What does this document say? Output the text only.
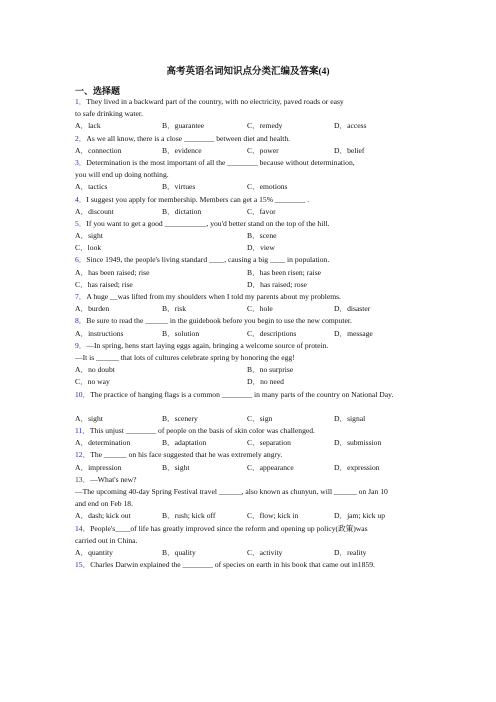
高考英语名词知识点分类汇编及答案(4)
一、选择题
1．They lived in a backward part of the country, with no electricity, paved roads or easy
to safe drinking water.
A．lack	B．guarantee	C．remedy	D．access
2．As we all know, there is a close ________ between diet and health.
A．connection	B．evidence	C．power	D．belief
3．Determination is the most important of all the ________ because without determination,
you will end up doing nothing.
A．tactics	B．virtues	C．emotions
4．I suggest you apply for membership. Members can get a 15% ________ .
A．discount	B．dictation	C．favor
5．If you want to get a good ___________, you'd better stand on the top of the hill.
A．sight	B．scene
C．look	D．view
6．Since 1949, the people's living standard ____, causing a big ____ in population.
A．has been raised; rise	B．has been risen; raise
C．has raised; rise	D．has raised; rose
7．A huge __was lifted from my shoulders when I told my parents about my problems.
A．burden	B．risk	C．hole	D．disaster
8．Be sure to read the ______ in the guidebook before you begin to use the new computer.
A．instructions	B．solution	C．descriptions	D．message
9．—In spring, hens start laying eggs again, bringing a welcome source of protein.
—It is ______ that lots of cultures celebrate spring by honoring the egg!
A．no doubt	B．no surprise
C．no way	D．no need
10．The practice of hanging flags is a common ________ in many parts of the country on National Day.
A．sight	B．scenery	C．sign	D．signal
11．This unjust ________ of people on the basis of skin color was challenged.
A．determination	B．adaptation	C．separation	D．submission
12．The ______ on his face suggested that he was extremely angry.
A．impression	B．sight	C．appearance	D．expression
13．—What's new?
—The upcoming 40-day Spring Festival travel ______, also known as chunyun, will ______ on Jan 10
and end on Feb 18.
A．dash; kick out	B．rush; kick off	C．flow; kick in	D．jam; kick up
14．People's____of life has greatly improved since the reform and opening up policy(政策)was
carried out in China.
A．quantity	B．quality	C．activity	D．reality
15．Charles Darwin explained the ________ of species on earth in his book that came out in1859.
